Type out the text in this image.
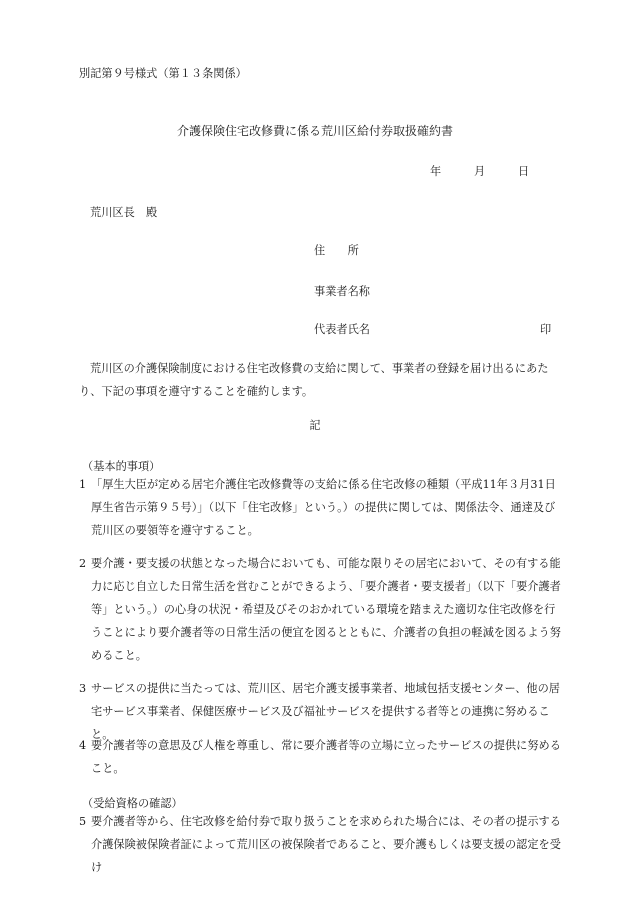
別記第９号様式（第１３条関係）
介護保険住宅改修費に係る荒川区給付券取扱確約書
年	月	日
荒川区長　殿
住　　所
事業者名称
代表者氏名	印
荒川区の介護保険制度における住宅改修費の支給に関して、事業者の登録を届け出るにあたり、下記の事項を遵守することを確約します。
記
（基本的事項）
1 「厚生大臣が定める居宅介護住宅改修費等の支給に係る住宅改修の種類（平成11年３月31日厚生省告示第９５号）」（以下「住宅改修」という。）の提供に関しては、関係法令、通達及び荒川区の要領等を遵守すること。
2 要介護・要支援の状態となった場合においても、可能な限りその居宅において、その有する能力に応じ自立した日常生活を営むことができるよう、「要介護者・要支援者」（以下「要介護者等」という。）の心身の状況・希望及びそのおかれている環境を踏まえた適切な住宅改修を行うことにより要介護者等の日常生活の便宜を図るとともに、介護者の負担の軽減を図るよう努めること。
3 サービスの提供に当たっては、荒川区、居宅介護支援事業者、地域包括支援センター、他の居宅サービス事業者、保健医療サービス及び福祉サービスを提供する者等との連携に努めること。
4 要介護者等の意思及び人権を尊重し、常に要介護者等の立場に立ったサービスの提供に努めること。
（受給資格の確認）
5 要介護者等から、住宅改修を給付券で取り扱うことを求められた場合には、その者の提示する介護保険被保険者証によって荒川区の被保険者であること、要介護もしくは要支援の認定を受け
